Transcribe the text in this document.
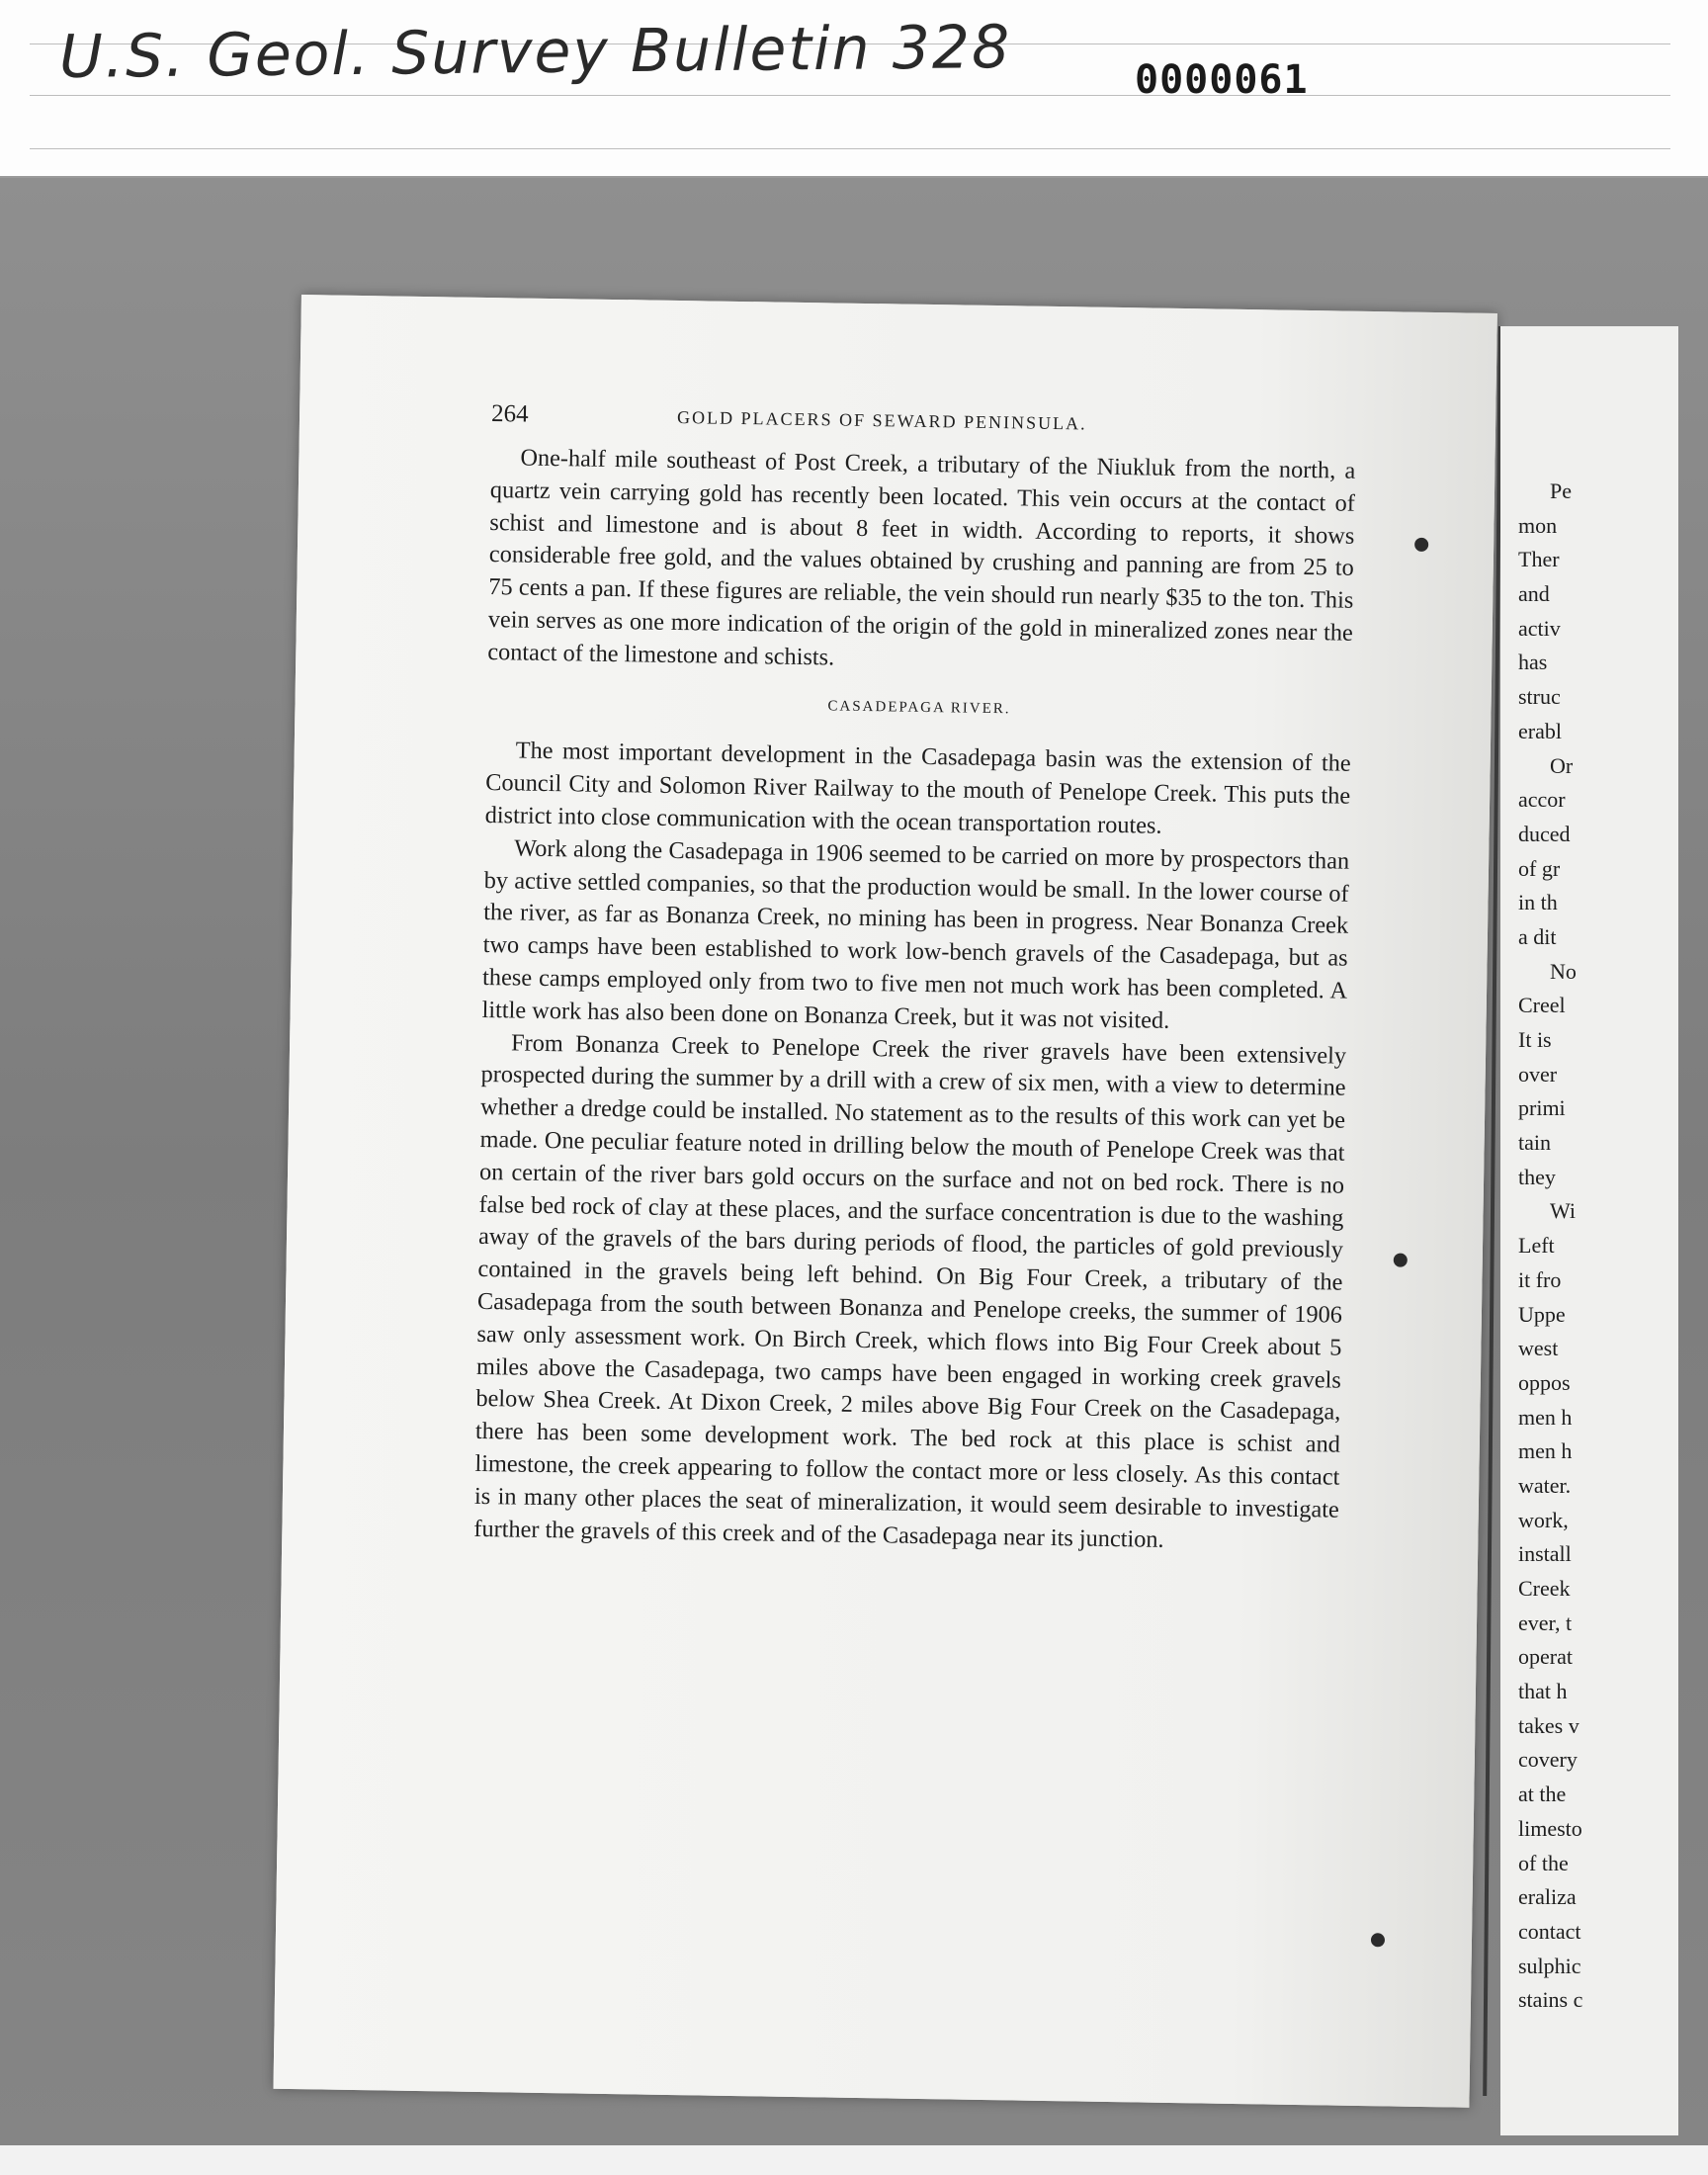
U.S. Geol. Survey Bulletin 328	0000061
264	GOLD PLACERS OF SEWARD PENINSULA.

One-half mile southeast of Post Creek, a tributary of the Niukluk from the north, a quartz vein carrying gold has recently been located. This vein occurs at the contact of schist and limestone and is about 8 feet in width. According to reports, it shows considerable free gold, and the values obtained by crushing and panning are from 25 to 75 cents a pan. If these figures are reliable, the vein should run nearly $35 to the ton. This vein serves as one more indication of the origin of the gold in mineralized zones near the contact of the limestone and schists.

CASADEPAGA RIVER.

The most important development in the Casadepaga basin was the extension of the Council City and Solomon River Railway to the mouth of Penelope Creek. This puts the district into close communication with the ocean transportation routes.

Work along the Casadepaga in 1906 seemed to be carried on more by prospectors than by active settled companies, so that the production would be small. In the lower course of the river, as far as Bonanza Creek, no mining has been in progress. Near Bonanza Creek two camps have been established to work low-bench gravels of the Casadepaga, but as these camps employed only from two to five men not much work has been completed. A little work has also been done on Bonanza Creek, but it was not visited.

From Bonanza Creek to Penelope Creek the river gravels have been extensively prospected during the summer by a drill with a crew of six men, with a view to determine whether a dredge could be installed. No statement as to the results of this work can yet be made. One peculiar feature noted in drilling below the mouth of Penelope Creek was that on certain of the river bars gold occurs on the surface and not on bed rock. There is no false bed rock of clay at these places, and the surface concentration is due to the washing away of the gravels of the bars during periods of flood, the particles of gold previously contained in the gravels being left behind. On Big Four Creek, a tributary of the Casadepaga from the south between Bonanza and Penelope creeks, the summer of 1906 saw only assessment work. On Birch Creek, which flows into Big Four Creek about 5 miles above the Casadepaga, two camps have been engaged in working creek gravels below Shea Creek. At Dixon Creek, 2 miles above Big Four Creek on the Casadepaga, there has been some development work. The bed rock at this place is schist and limestone, the creek appearing to follow the contact more or less closely. As this contact is in many other places the seat of mineralization, it would seem desirable to investigate further the gravels of this creek and of the Casadepaga near its junction.

Pe
mon
Ther
and
activ
has
struc
erabl
Or
accor
duced
of gr
in th
a dit
No
Creel
It is
over
primi
tain
they
Wi
Left
it fro
Uppe
west
oppos
men h
men h
water.
work,
install
Creek
ever, t
operat
that h
takes v
covery
at the
limesto
of the
eraliza
contact
sulphic
stains c
